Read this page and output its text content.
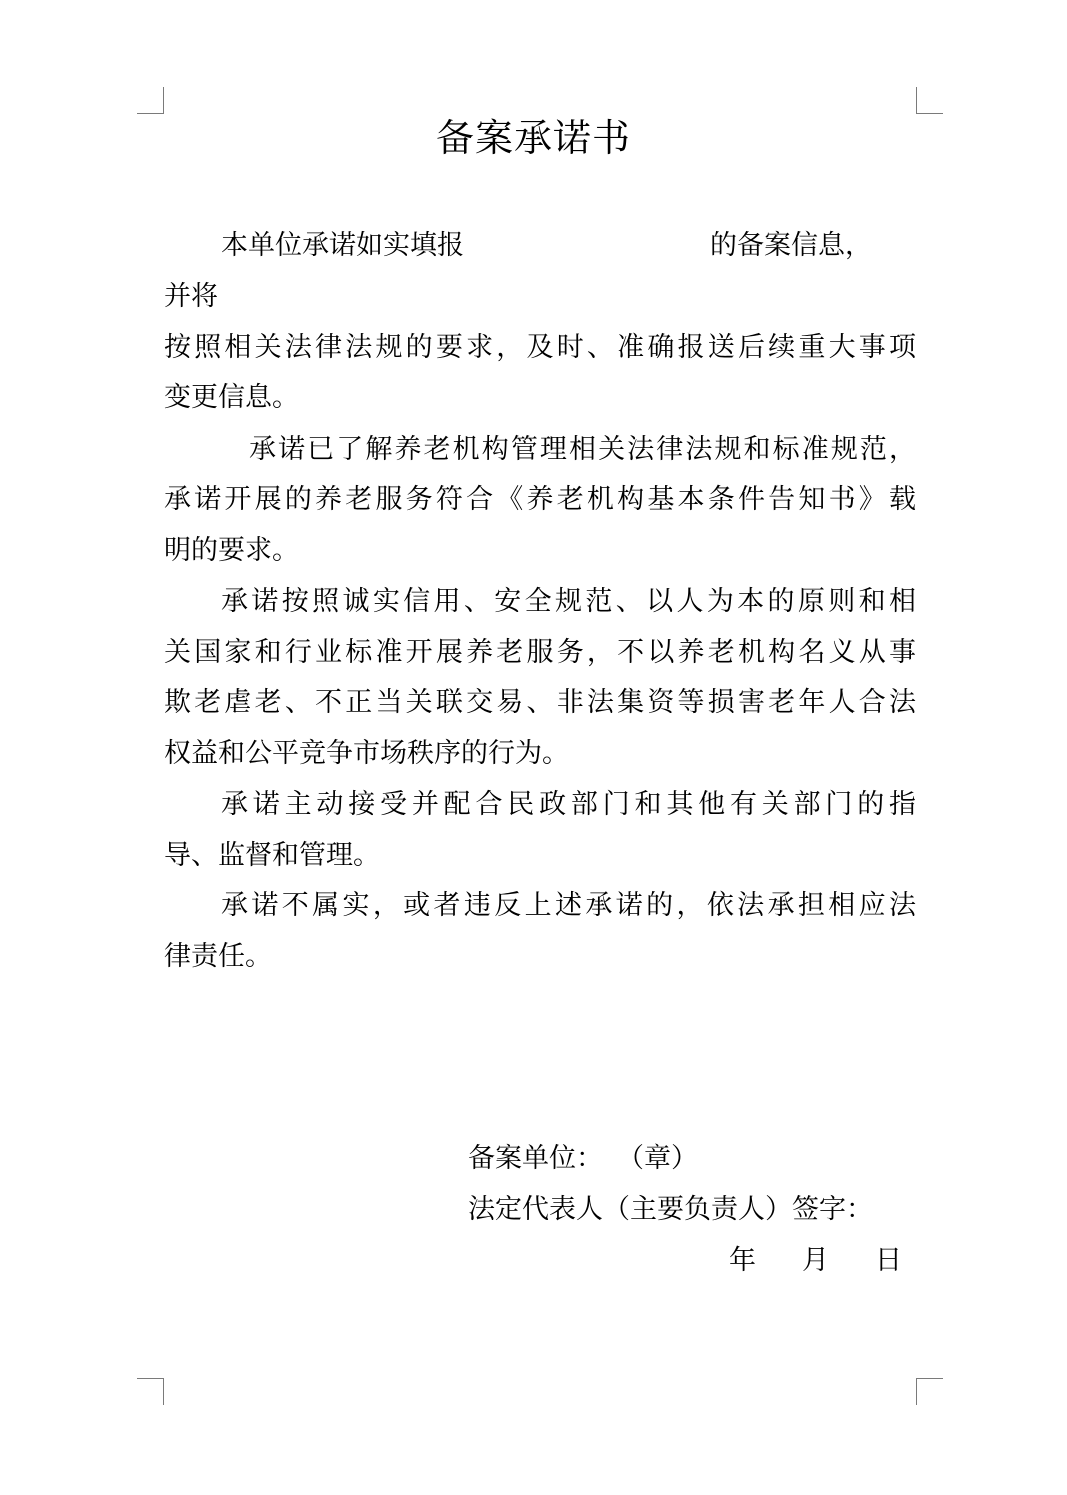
备案承诺书
本单位承诺如实填报	的备案信息，
并将
按照相关法律法规的要求，及时、准确报送后续重大事项
变更信息。
承诺已了解养老机构管理相关法律法规和标准规范，
承诺开展的养老服务符合《养老机构基本条件告知书》载
明的要求。
承诺按照诚实信用、安全规范、以人为本的原则和相
关国家和行业标准开展养老服务，不以养老机构名义从事
欺老虐老、不正当关联交易、非法集资等损害老年人合法
权益和公平竞争市场秩序的行为。
承诺主动接受并配合民政部门和其他有关部门的指
导、监督和管理。
承诺不属实，或者违反上述承诺的，依法承担相应法
律责任。
备案单位： （章）
法定代表人（主要负责人）签字：
年 月 日
